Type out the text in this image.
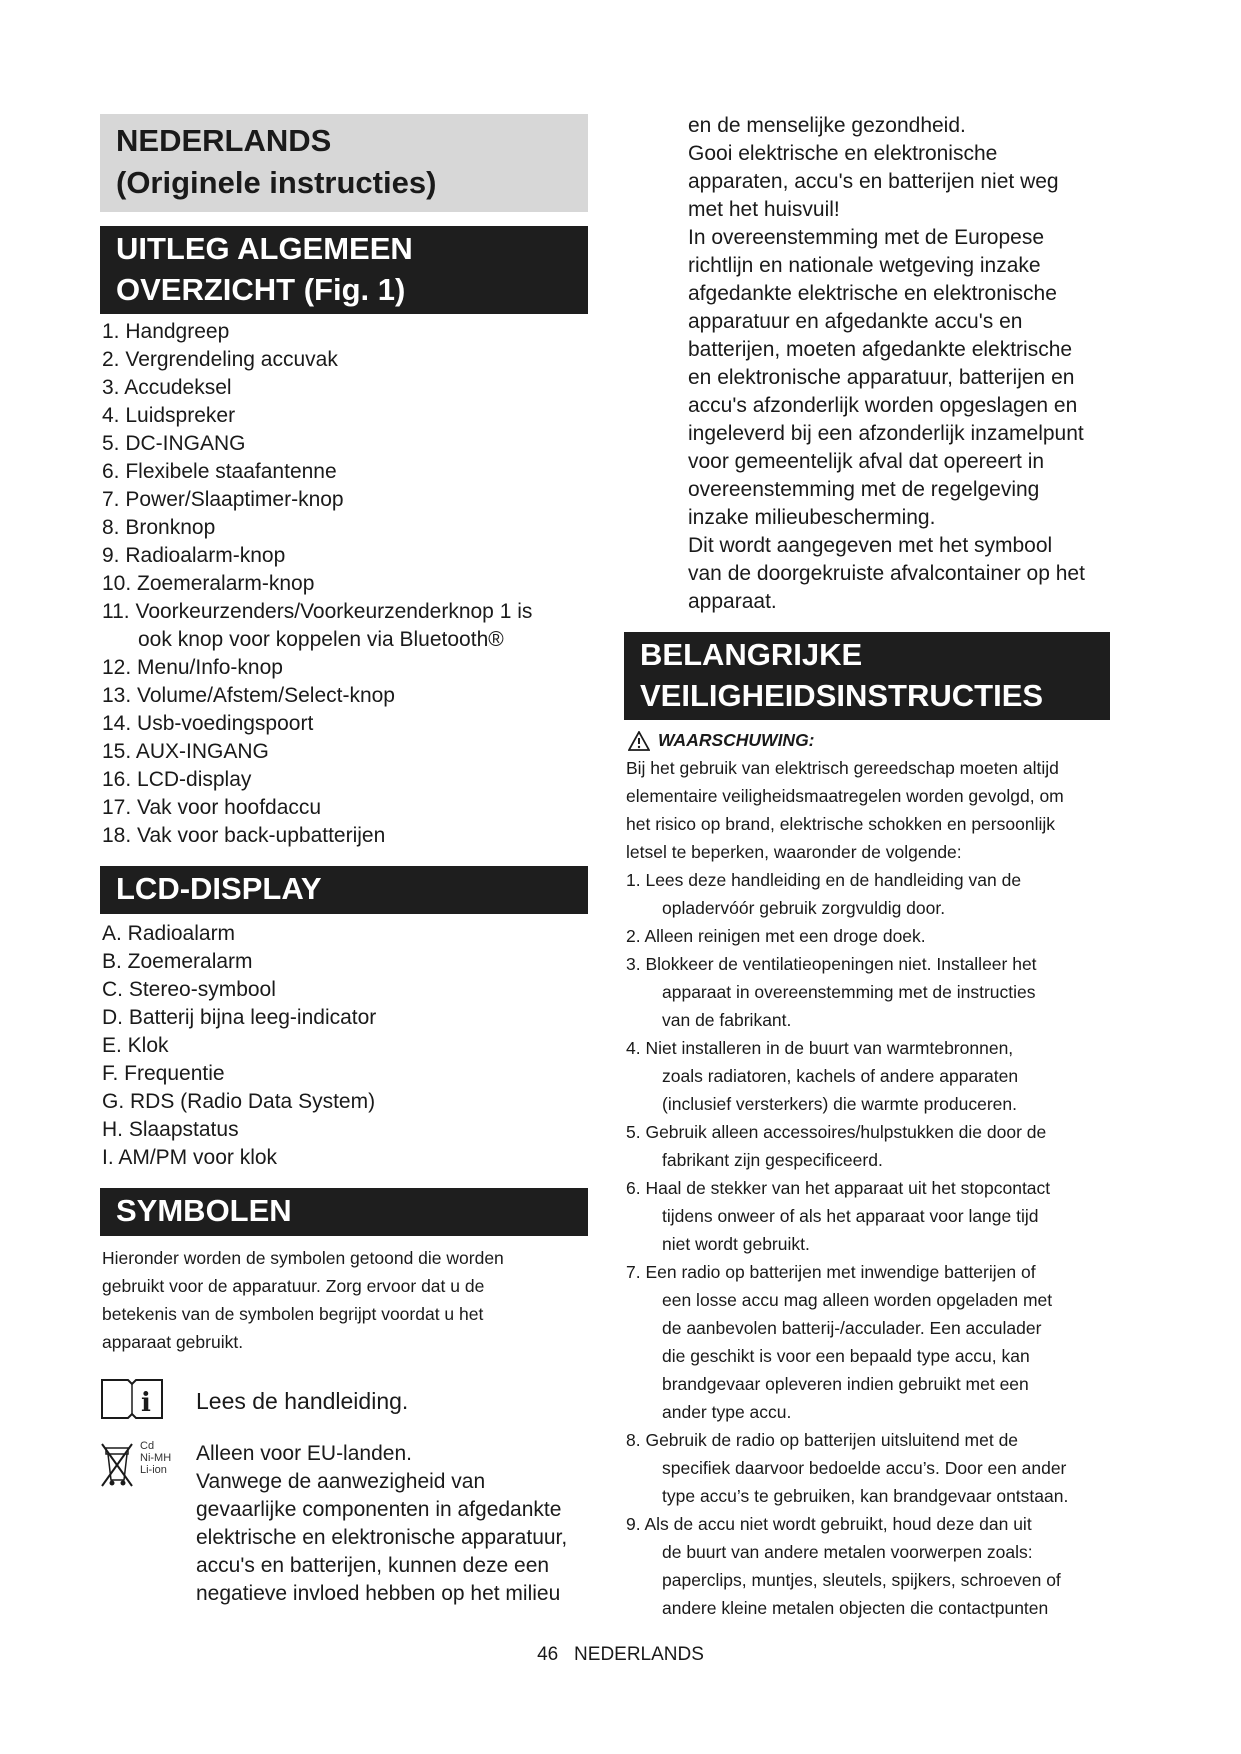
NEDERLANDS
(Originele instructies)
UITLEG ALGEMEEN
OVERZICHT (Fig. 1)
1. Handgreep
2. Vergrendeling accuvak
3. Accudeksel
4. Luidspreker
5. DC-INGANG
6. Flexibele staafantenne
7. Power/Slaaptimer-knop
8. Bronknop
9. Radioalarm-knop
10. Zoemeralarm-knop
11. Voorkeurzenders/Voorkeurzenderknop 1 is
ook knop voor koppelen via Bluetooth®
12. Menu/Info-knop
13. Volume/Afstem/Select-knop
14. Usb-voedingspoort
15. AUX-INGANG
16. LCD-display
17. Vak voor hoofdaccu
18. Vak voor back-upbatterijen
LCD-DISPLAY
A. Radioalarm
B. Zoemeralarm
C. Stereo-symbool
D. Batterij bijna leeg-indicator
E. Klok
F. Frequentie
G. RDS (Radio Data System)
H. Slaapstatus
I. AM/PM voor klok
SYMBOLEN

Hieronder worden de symbolen getoond die worden

gebruikt voor de apparatuur. Zorg ervoor dat u de

betekenis van de symbolen begrijpt voordat u het

apparaat gebruikt.

i Lees de handleiding.
Cd
Ni-MH
Li-ion

Alleen voor EU-landen.

Vanwege de aanwezigheid van

gevaarlijke componenten in afgedankte

elektrische en elektronische apparatuur,

accu's en batterijen, kunnen deze een

negatieve invloed hebben op het milieu

en de menselijke gezondheid.

Gooi elektrische en elektronische

apparaten, accu's en batterijen niet weg

met het huisvuil!

In overeenstemming met de Europese

richtlijn en nationale wetgeving inzake

afgedankte elektrische en elektronische

apparatuur en afgedankte accu's en

batterijen, moeten afgedankte elektrische

en elektronische apparatuur, batterijen en

accu's afzonderlijk worden opgeslagen en

ingeleverd bij een afzonderlijk inzamelpunt

voor gemeentelijk afval dat opereert in

overeenstemming met de regelgeving

inzake milieubescherming.

Dit wordt aangegeven met het symbool

van de doorgekruiste afvalcontainer op het

apparaat.

BELANGRIJKE
VEILIGHEIDSINSTRUCTIES
WAARSCHUWING:

Bij het gebruik van elektrisch gereedschap moeten altijd

elementaire veiligheidsmaatregelen worden gevolgd, om

het risico op brand, elektrische schokken en persoonlijk

letsel te beperken, waaronder de volgende:

1. Lees deze handleiding en de handleiding van de
opladervóór gebruik zorgvuldig door.
2. Alleen reinigen met een droge doek.
3. Blokkeer de ventilatieopeningen niet. Installeer het
apparaat in overeenstemming met de instructies
van de fabrikant.
4. Niet installeren in de buurt van warmtebronnen,
zoals radiatoren, kachels of andere apparaten
(inclusief versterkers) die warmte produceren.
5. Gebruik alleen accessoires/hulpstukken die door de
fabrikant zijn gespecificeerd.
6. Haal de stekker van het apparaat uit het stopcontact
tijdens onweer of als het apparaat voor lange tijd
niet wordt gebruikt.
7. Een radio op batterijen met inwendige batterijen of
een losse accu mag alleen worden opgeladen met
de aanbevolen batterij-/acculader. Een acculader
die geschikt is voor een bepaald type accu, kan
brandgevaar opleveren indien gebruikt met een
ander type accu.
8. Gebruik de radio op batterijen uitsluitend met de
specifiek daarvoor bedoelde accu’s. Door een ander
type accu’s te gebruiken, kan brandgevaar ontstaan.
9. Als de accu niet wordt gebruikt, houd deze dan uit
de buurt van andere metalen voorwerpen zoals:
paperclips, muntjes, sleutels, spijkers, schroeven of
andere kleine metalen objecten die contactpunten
46 NEDERLANDS
